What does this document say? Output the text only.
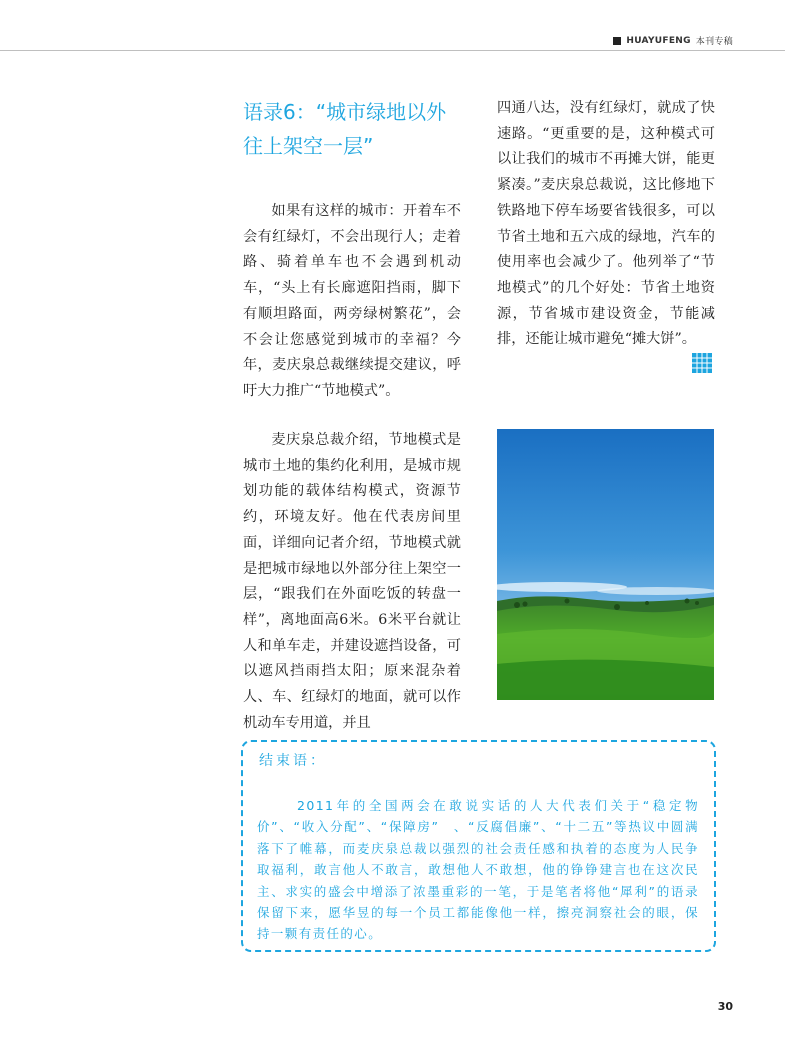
HUAYUFENG 本刊专稿
语录6：“城市绿地以外
往上架空一层”

如果有这样的城市：开着车不会有红绿灯，不会出现行人；走着路、骑着单车也不会遇到机动车，“头上有长廊遮阳挡雨，脚下有顺坦路面，两旁绿树繁花”，会不会让您感觉到城市的幸福？今年，麦庆泉总裁继续提交建议，呼吁大力推广“节地模式”。

麦庆泉总裁介绍，节地模式是城市土地的集约化利用，是城市规划功能的载体结构模式，资源节约，环境友好。他在代表房间里面，详细向记者介绍，节地模式就是把城市绿地以外部分往上架空一层，“跟我们在外面吃饭的转盘一样”，离地面高6米。6米平台就让人和单车走，并建设遮挡设备，可以遮风挡雨挡太阳；原来混杂着人、车、红绿灯的地面，就可以作机动车专用道，并且

四通八达，没有红绿灯，就成了快速路。“更重要的是，这种模式可以让我们的城市不再摊大饼，能更紧凑。”麦庆泉总裁说，这比修地下铁路地下停车场要省钱很多，可以节省土地和五六成的绿地，汽车的使用率也会减少了。他列举了“节地模式”的几个好处：节省土地资源，节省城市建设资金，节能减排，还能让城市避免“摊大饼”。

结束语：

2011年的全国两会在敢说实话的人大代表们关于“稳定物价”、“收入分配”、“保障房”　、“反腐倡廉”、“十二五”等热议中圆满落下了帷幕，而麦庆泉总裁以强烈的社会责任感和执着的态度为人民争取福利，敢言他人不敢言，敢想他人不敢想，他的铮铮建言也在这次民主、求实的盛会中增添了浓墨重彩的一笔，于是笔者将他“犀利”的语录保留下来，愿华昱的每一个员工都能像他一样，擦亮洞察社会的眼，保持一颗有责任的心。

30
